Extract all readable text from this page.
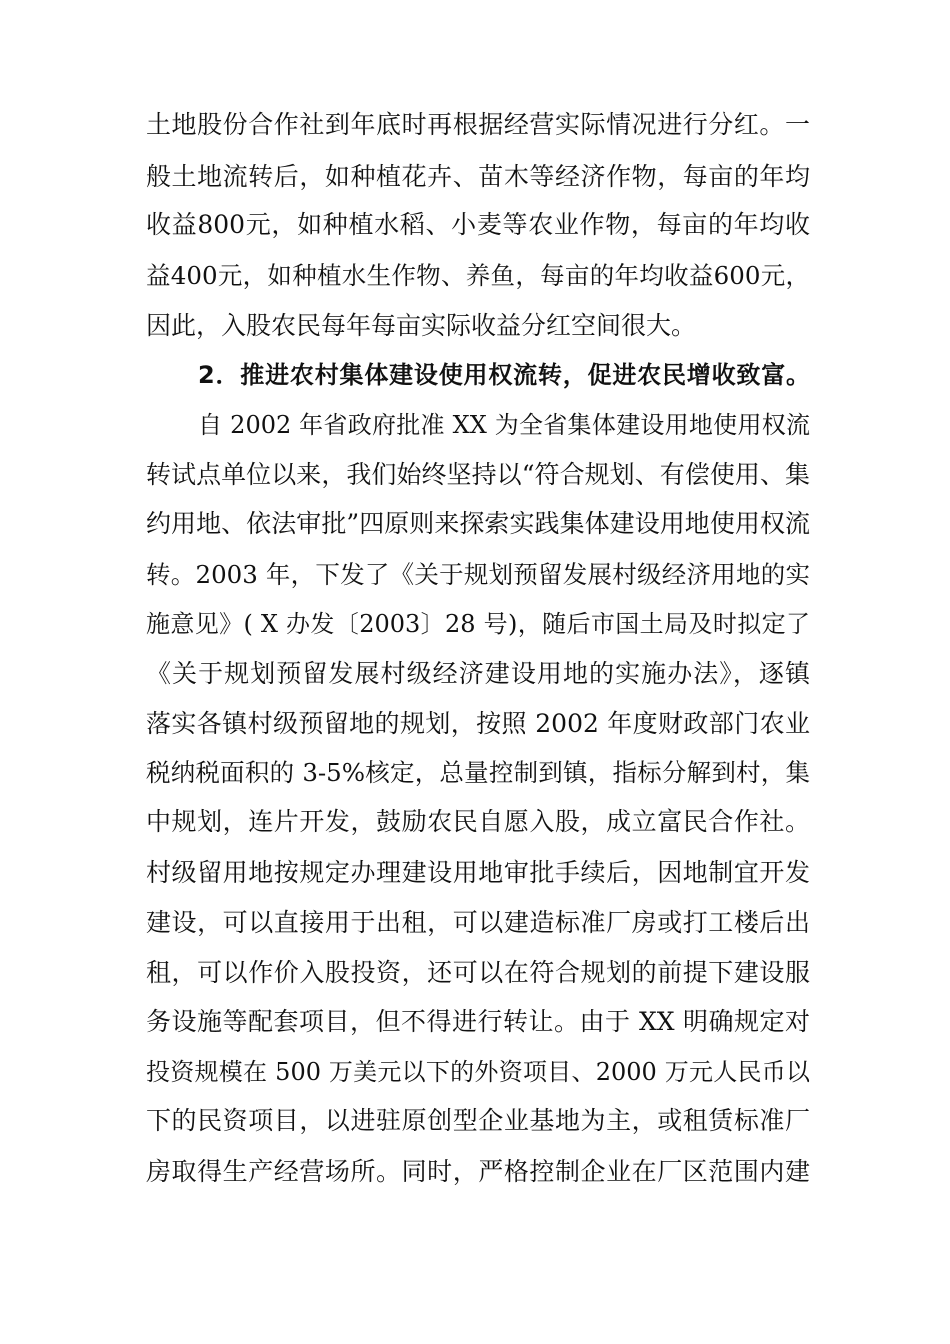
土地股份合作社到年底时再根据经营实际情况进行分红。一
般土地流转后，如种植花卉、苗木等经济作物，每亩的年均
收益800元，如种植水稻、小麦等农业作物，每亩的年均收
益400元，如种植水生作物、养鱼，每亩的年均收益600元，
因此，入股农民每年每亩实际收益分红空间很大。
2．推进农村集体建设使用权流转，促进农民增收致富。
自 2002 年省政府批准 XX 为全省集体建设用地使用权流
转试点单位以来，我们始终坚持以“符合规划、有偿使用、集
约用地、依法审批”四原则来探索实践集体建设用地使用权流
转。2003 年，下发了《关于规划预留发展村级经济用地的实
施意见》( X 办发〔2003〕28 号)，随后市国土局及时拟定了
《关于规划预留发展村级经济建设用地的实施办法》，逐镇
落实各镇村级预留地的规划，按照 2002 年度财政部门农业
税纳税面积的 3-5%核定，总量控制到镇，指标分解到村，集
中规划，连片开发，鼓励农民自愿入股，成立富民合作社。
村级留用地按规定办理建设用地审批手续后，因地制宜开发
建设，可以直接用于出租，可以建造标准厂房或打工楼后出
租，可以作价入股投资，还可以在符合规划的前提下建设服
务设施等配套项目，但不得进行转让。由于 XX 明确规定对
投资规模在 500 万美元以下的外资项目、2000 万元人民币以
下的民资项目，以进驻原创型企业基地为主，或租赁标准厂
房取得生产经营场所。同时，严格控制企业在厂区范围内建
